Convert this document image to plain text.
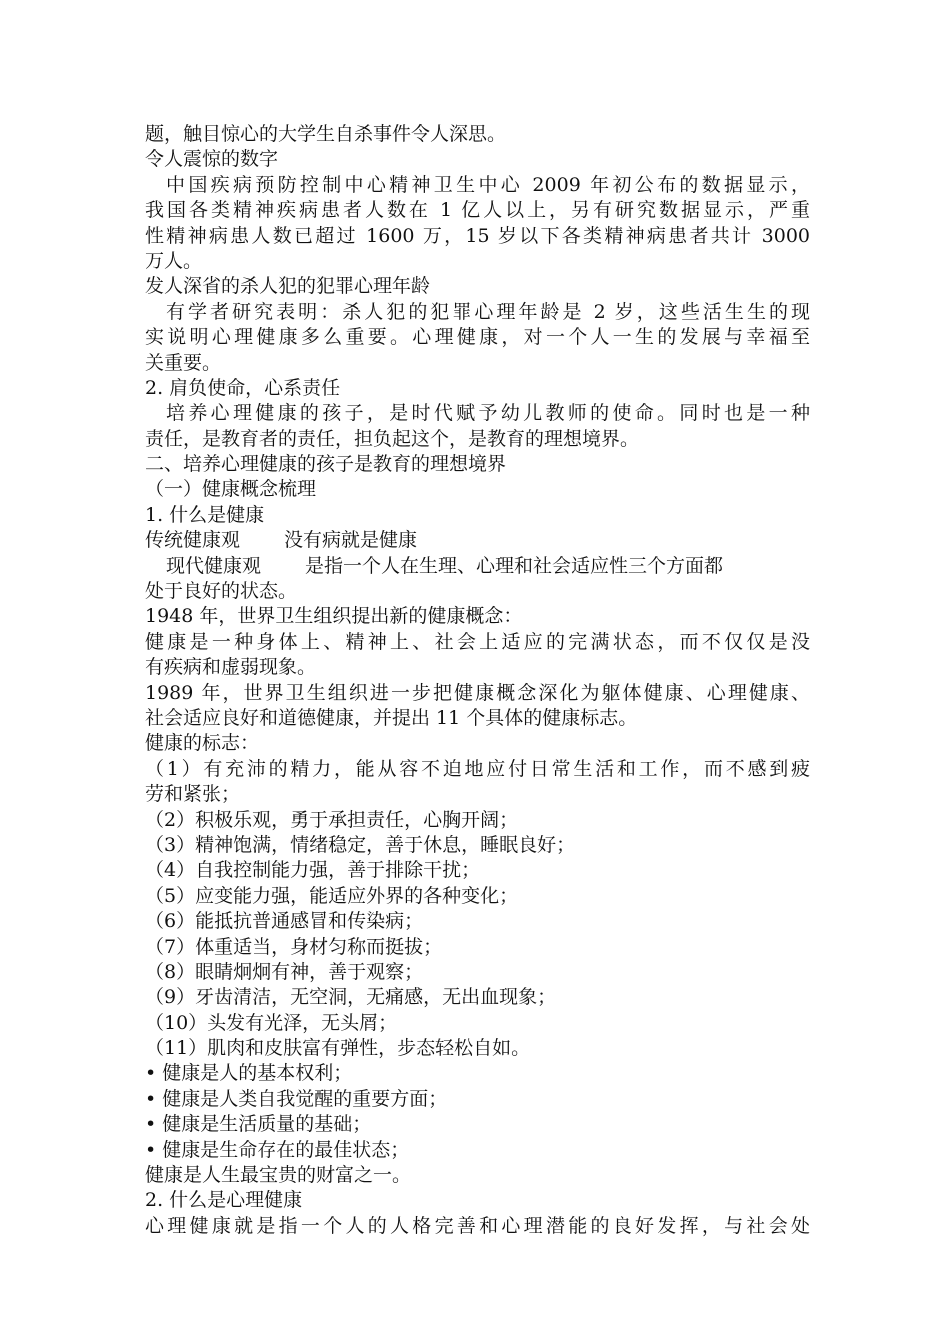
题，触目惊心的大学生自杀事件令人深思。
令人震惊的数字
中国疾病预防控制中心精神卫生中心 2009 年初公布的数据显示，
我国各类精神疾病患者人数在 1 亿人以上，另有研究数据显示，严重
性精神病患人数已超过 1600 万，15 岁以下各类精神病患者共计 3000
万人。
发人深省的杀人犯的犯罪心理年龄
有学者研究表明：杀人犯的犯罪心理年龄是 2 岁，这些活生生的现
实说明心理健康多么重要。心理健康，对一个人一生的发展与幸福至
关重要。
2. 肩负使命，心系责任
培养心理健康的孩子，是时代赋予幼儿教师的使命。同时也是一种
责任，是教育者的责任，担负起这个，是教育的理想境界。
二、培养心理健康的孩子是教育的理想境界
（一）健康概念梳理
1. 什么是健康
传统健康观 没有病就是健康
现代健康观 是指一个人在生理、心理和社会适应性三个方面都
处于良好的状态。
1948 年，世界卫生组织提出新的健康概念：
健康是一种身体上、精神上、社会上适应的完满状态，而不仅仅是没
有疾病和虚弱现象。
1989 年，世界卫生组织进一步把健康概念深化为躯体健康、心理健康、
社会适应良好和道德健康，并提出 11 个具体的健康标志。
健康的标志：
（1）有充沛的精力，能从容不迫地应付日常生活和工作，而不感到疲
劳和紧张；
（2）积极乐观，勇于承担责任，心胸开阔；
（3）精神饱满，情绪稳定，善于休息，睡眠良好；
（4）自我控制能力强，善于排除干扰；
（5）应变能力强，能适应外界的各种变化；
（6）能抵抗普通感冒和传染病；
（7）体重适当，身材匀称而挺拔；
（8）眼睛炯炯有神，善于观察；
（9）牙齿清洁，无空洞，无痛感，无出血现象；
（10）头发有光泽，无头屑；
（11）肌肉和皮肤富有弹性，步态轻松自如。
• 健康是人的基本权利；
• 健康是人类自我觉醒的重要方面；
• 健康是生活质量的基础；
• 健康是生命存在的最佳状态；
健康是人生最宝贵的财富之一。
2. 什么是心理健康
心理健康就是指一个人的人格完善和心理潜能的良好发挥，与社会处
